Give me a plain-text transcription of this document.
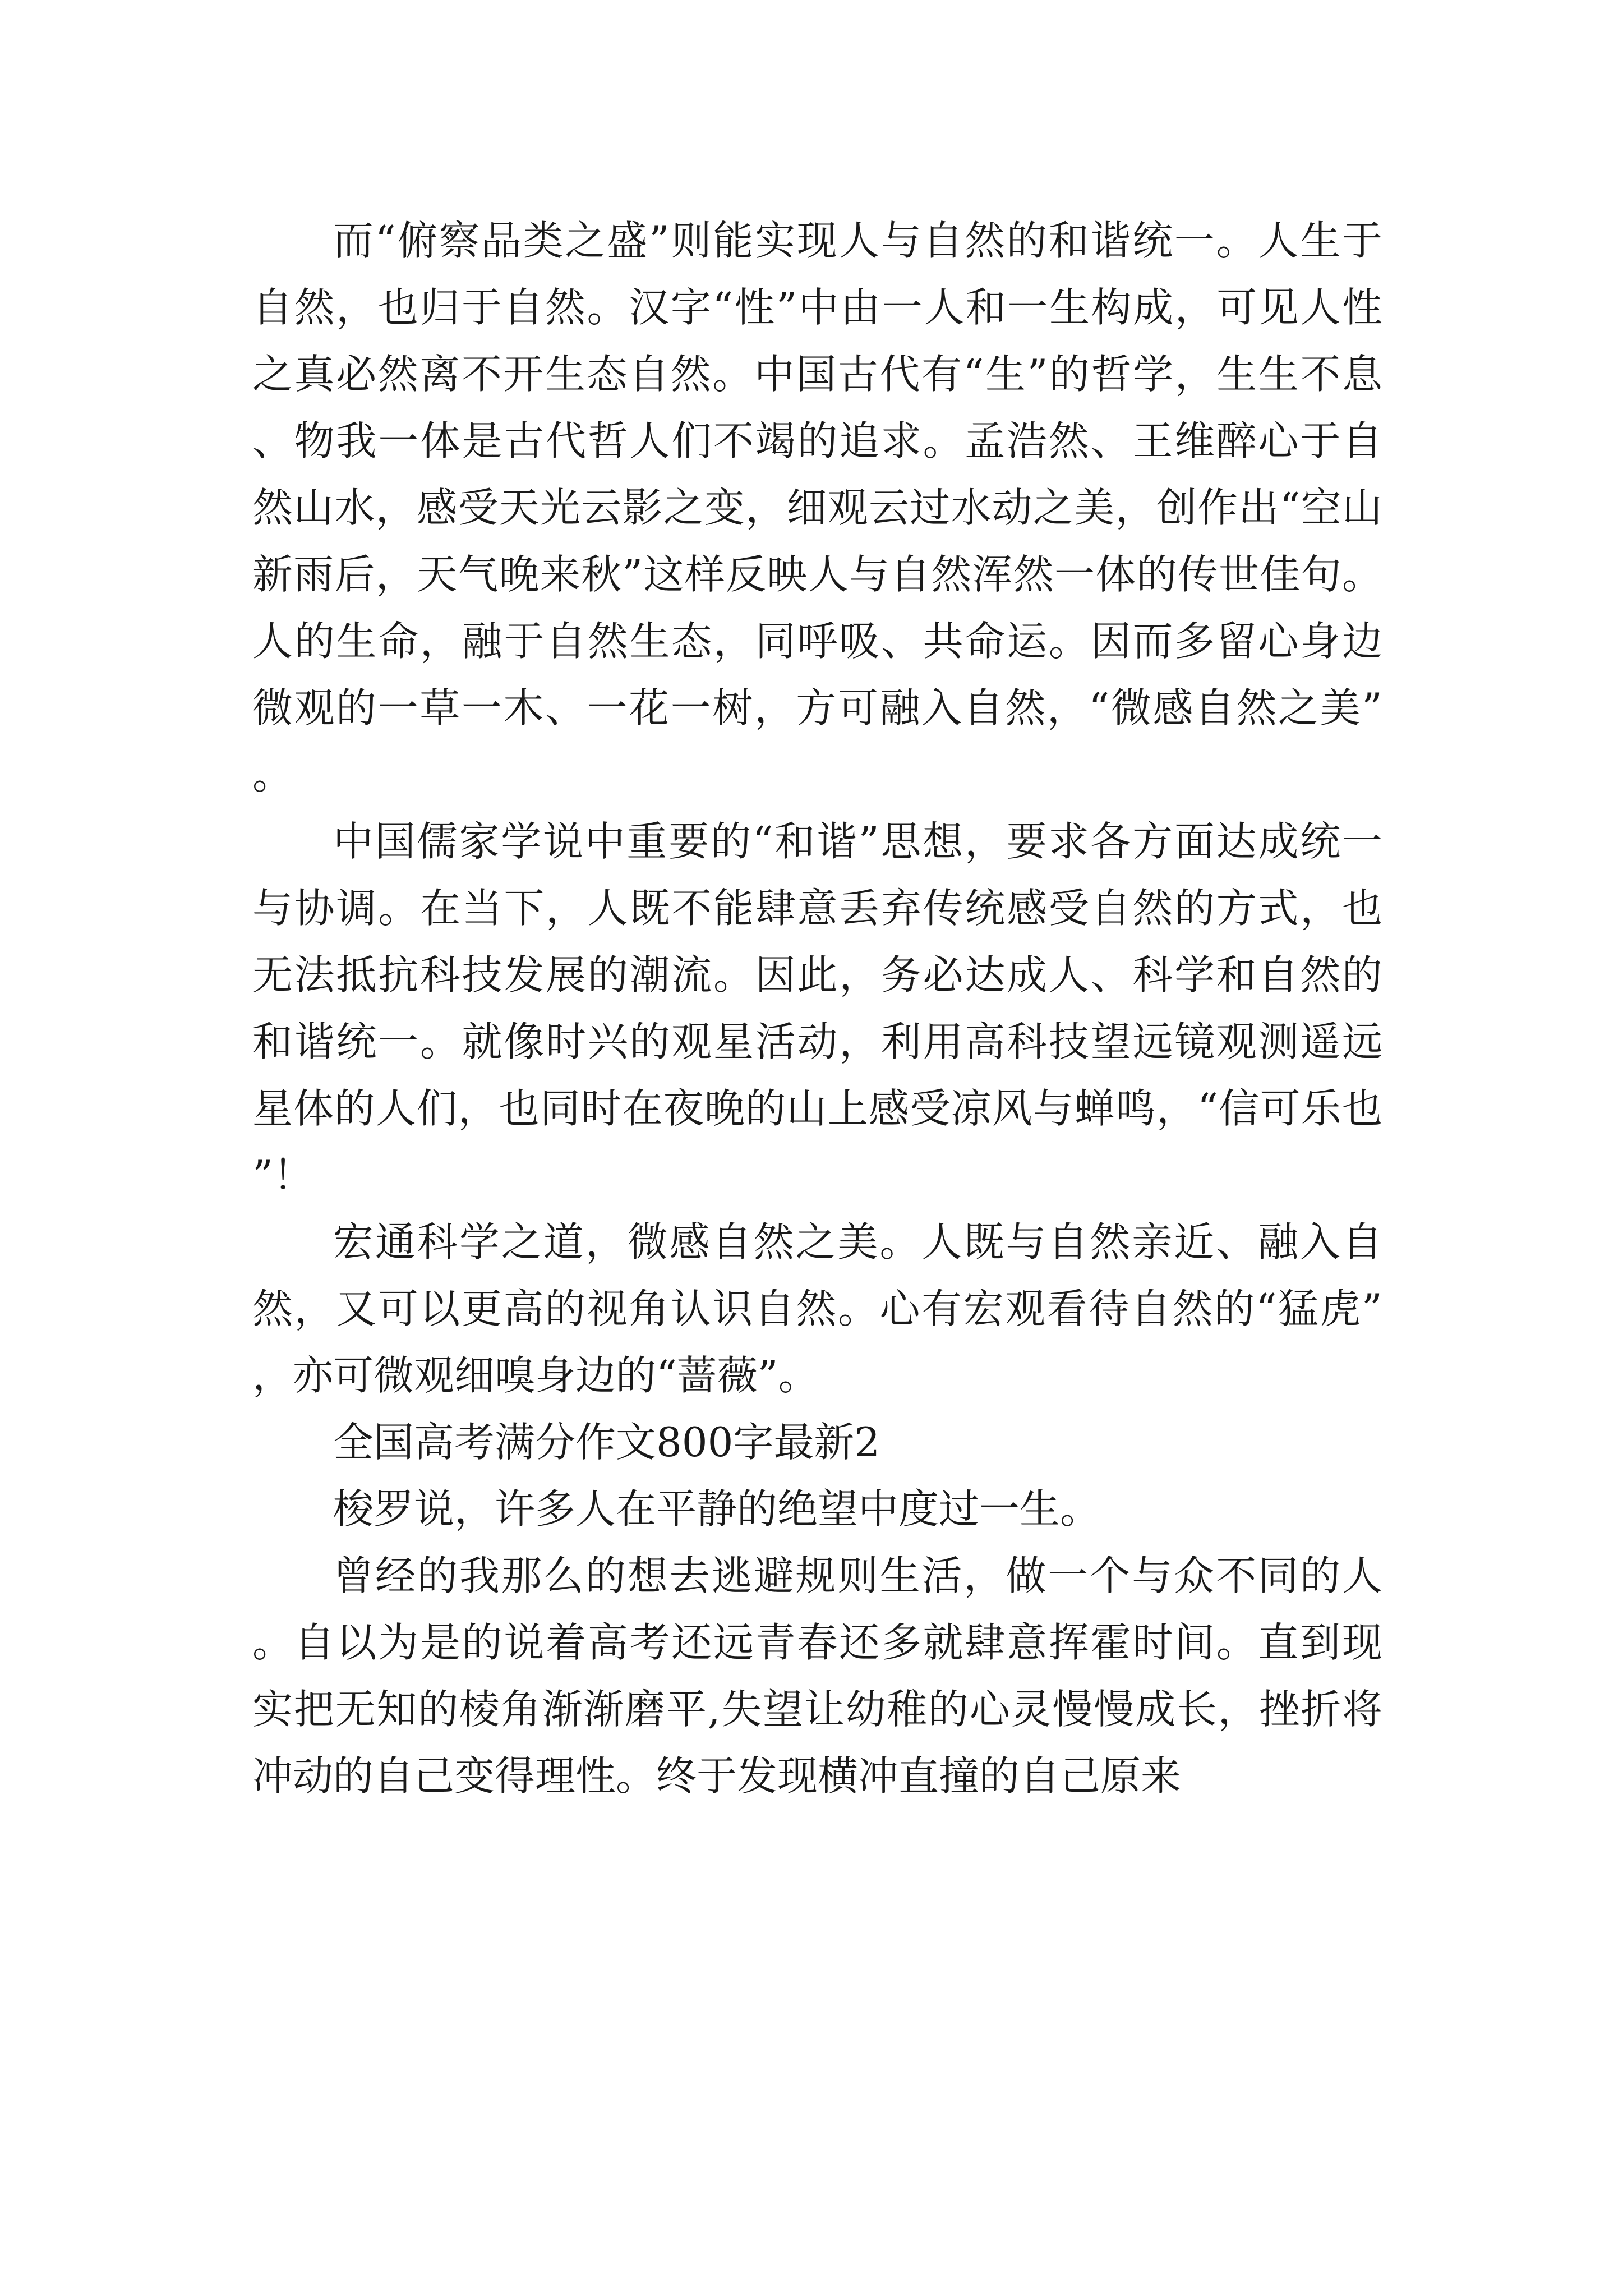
而“俯察品类之盛”则能实现人与自然的和谐统一。人生于自然，也归于自然。汉字“性”中由一人和一生构成，可见人性之真必然离不开生态自然。中国古代有“生”的哲学，生生不息、物我一体是古代哲人们不竭的追求。孟浩然、王维醉心于自然山水，感受天光云影之变，细观云过水动之美，创作出“空山新雨后，天气晚来秋”这样反映人与自然浑然一体的传世佳句。人的生命，融于自然生态，同呼吸、共命运。因而多留心身边微观的一草一木、一花一树，方可融入自然，“微感自然之美”。

中国儒家学说中重要的“和谐”思想，要求各方面达成统一与协调。在当下，人既不能肆意丢弃传统感受自然的方式，也无法抵抗科技发展的潮流。因此，务必达成人、科学和自然的和谐统一。就像时兴的观星活动，利用高科技望远镜观测遥远星体的人们，也同时在夜晚的山上感受凉风与蝉鸣，“信可乐也”！

宏通科学之道，微感自然之美。人既与自然亲近、融入自然，又可以更高的视角认识自然。心有宏观看待自然的“猛虎”，亦可微观细嗅身边的“蔷薇”。

全国高考满分作文800字最新2

梭罗说，许多人在平静的绝望中度过一生。

曾经的我那么的想去逃避规则生活，做一个与众不同的人。自以为是的说着高考还远青春还多就肆意挥霍时间。直到现实把无知的棱角渐渐磨平,失望让幼稚的心灵慢慢成长，挫折将冲动的自己变得理性。终于发现横冲直撞的自己原来
